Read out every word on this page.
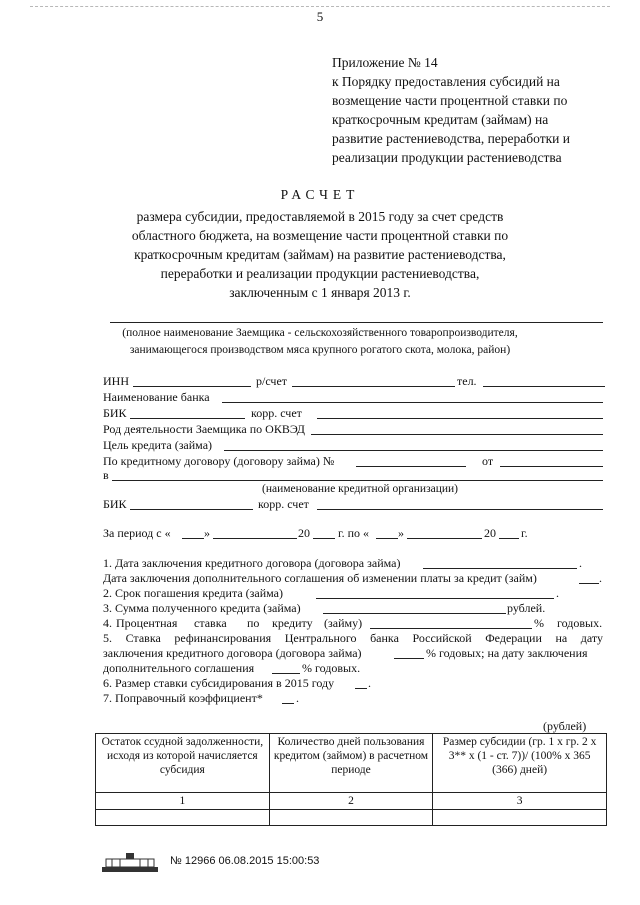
5
Приложение № 14
к Порядку предоставления субсидий на
возмещение части процентной ставки по
краткосрочным кредитам (займам) на
развитие растениеводства, переработки и
реализации продукции растениеводства
РАСЧЕТ
размера субсидии, предоставляемой в 2015 году за счет средств
областного бюджета, на возмещение части процентной ставки по
краткосрочным кредитам (займам) на развитие растениеводства,
переработки и реализации продукции растениеводства,
заключенным с 1 января 2013 г.
(полное наименование Заемщика - сельскохозяйственного товаропроизводителя,
занимающегося производством мяса крупного рогатого скота, молока, район)
ИНН	р/счет	тел.
Наименование банка
БИК	корр. счет
Род деятельности Заемщика по ОКВЭД
Цель кредита (займа)
По кредитному договору (договору займа) №	от
в
(наименование кредитной организации)
БИК	корр. счет
За период с «	»	20 г. по « »	20 г.
1. Дата заключения кредитного договора (договора займа)	.
Дата заключения дополнительного соглашения об изменении платы за кредит (займ)	.
2. Срок погашения кредита (займа)	.
3. Сумма полученного кредита (займа)	рублей.
4. Процентная ставка по кредиту (займу)	% годовых.
5. Ставка рефинансирования Центрального банка Российской Федерации на дату
заключения кредитного договора (договора займа)	% годовых; на дату заключения
дополнительного соглашения	% годовых.
6. Размер ставки субсидирования в 2015 году	.
7. Поправочный коэффициент*	.
(рублей)
Остаток ссудной задолженности, исходя из которой начисляется субсидия	Количество дней пользования кредитом (займом) в расчетном периоде	Размер субсидии (гр. 1 х гр. 2 х 3** х (1 - ст. 7))/ (100% х 365 (366) дней)
1	2	3

№ 12966 06.08.2015 15:00:53
